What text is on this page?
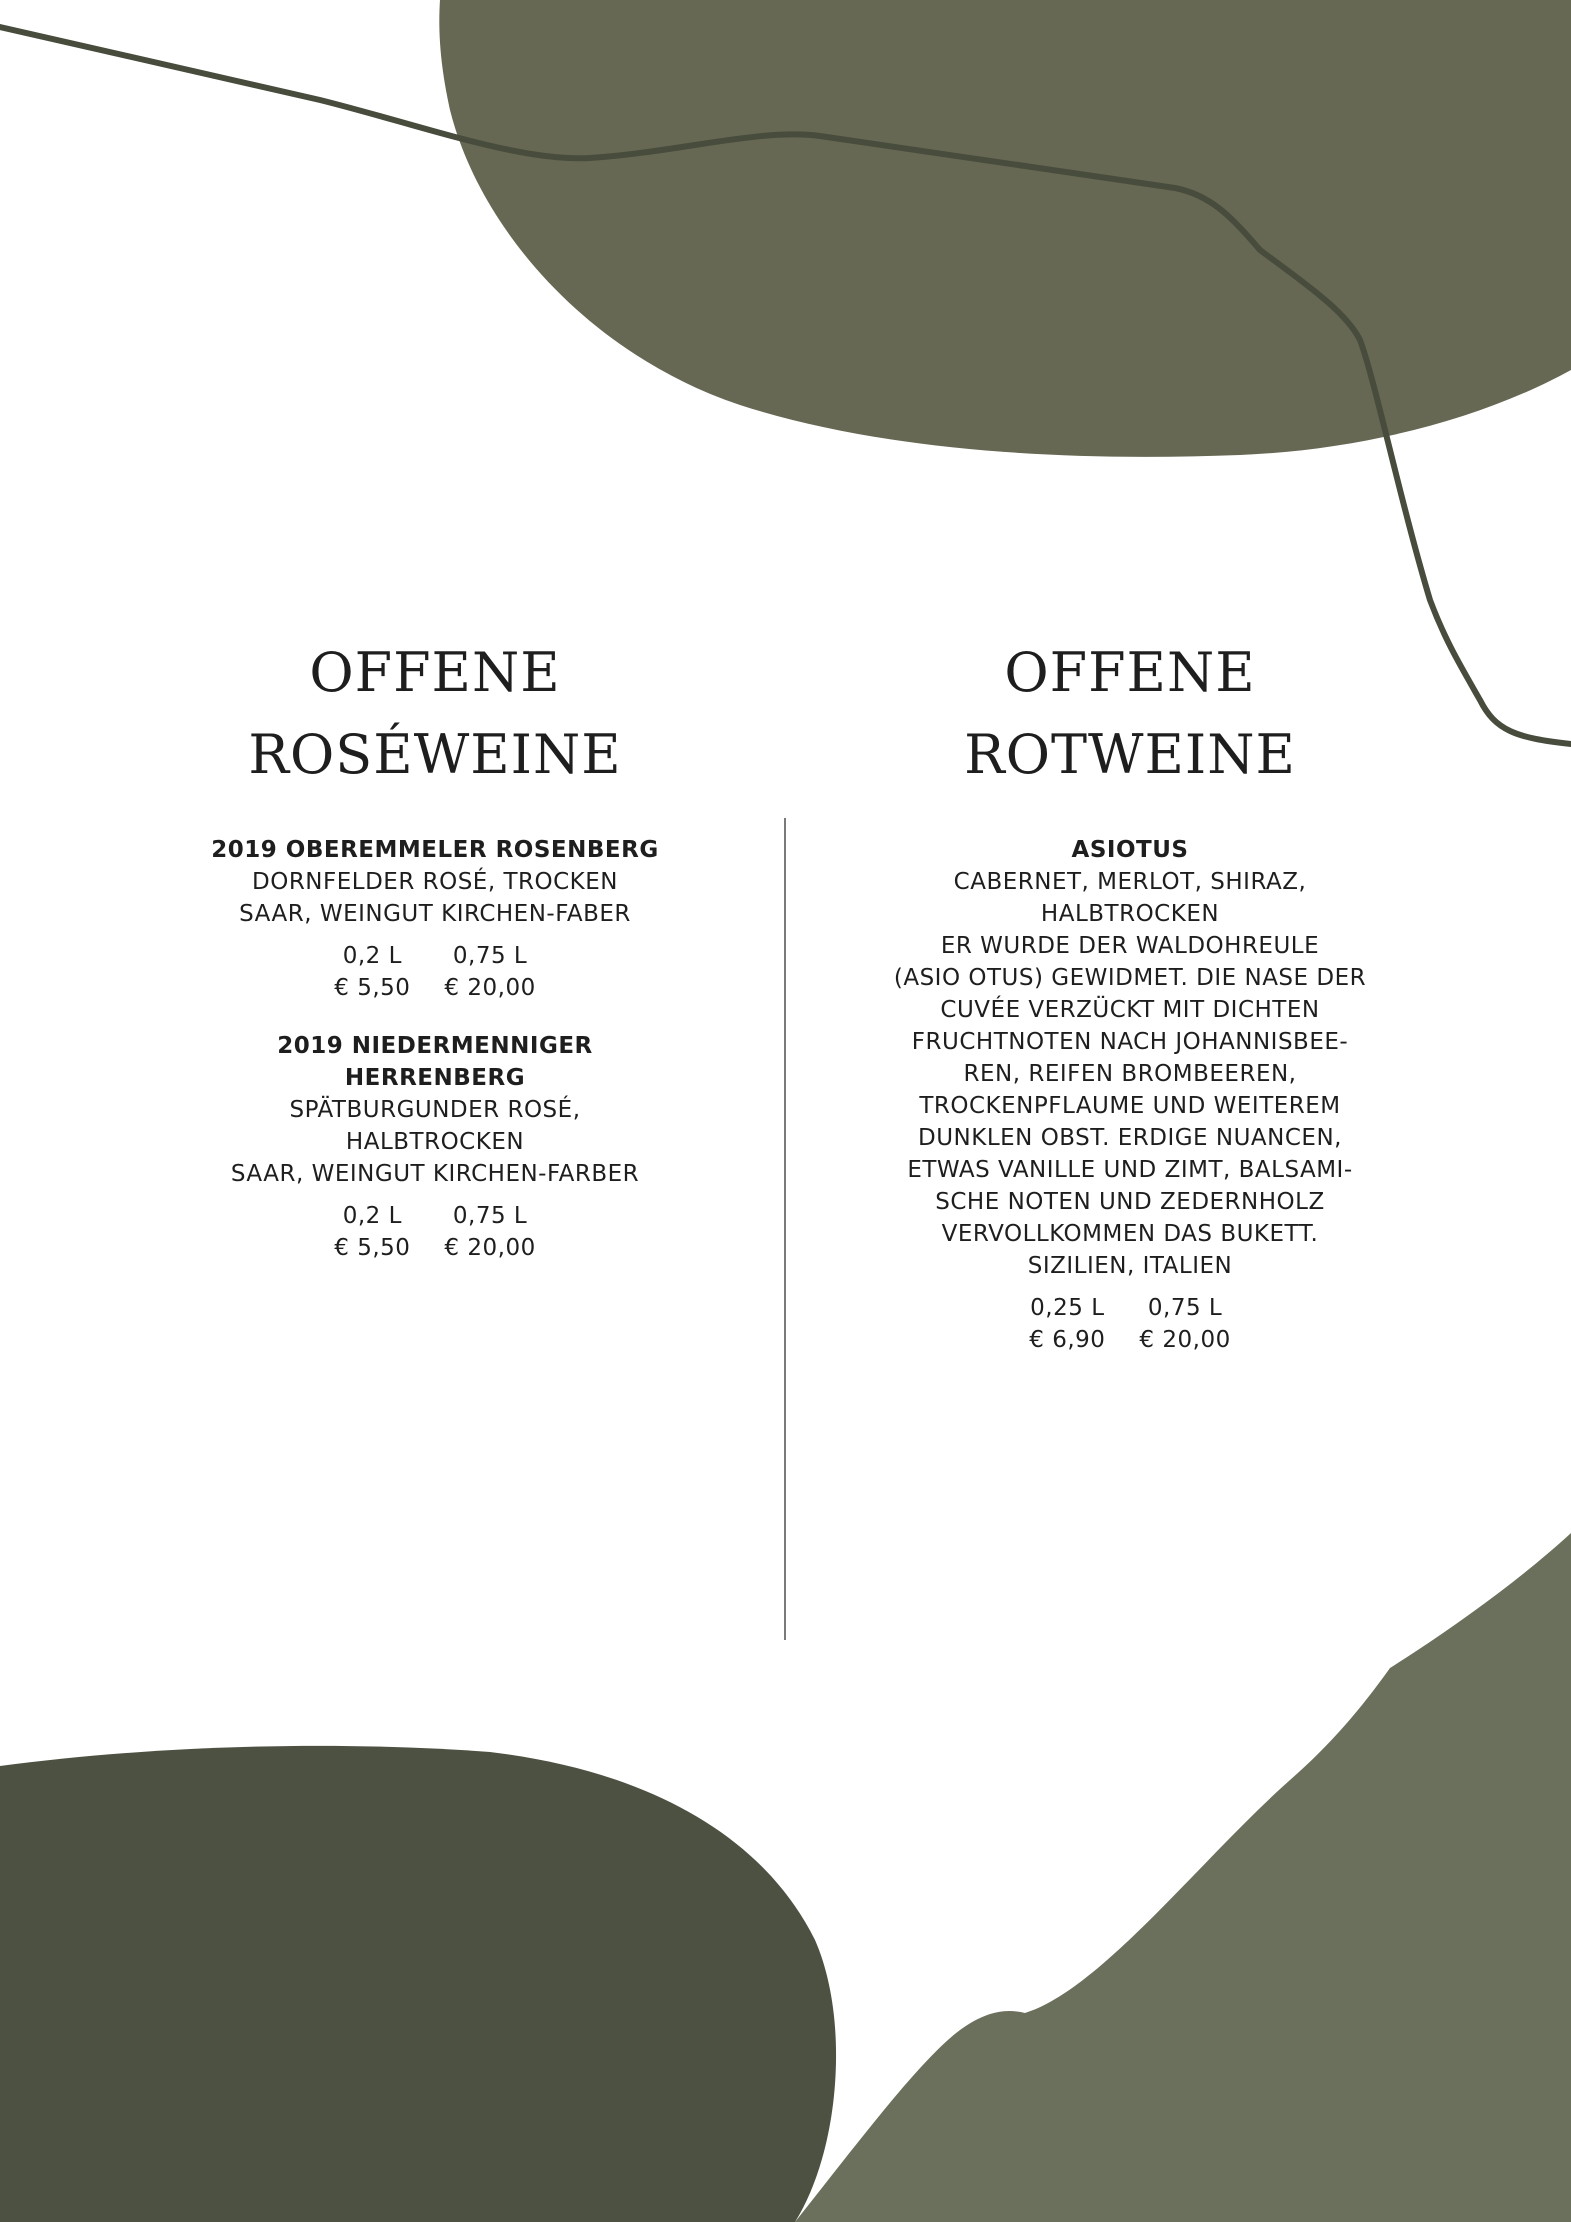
OFFENE
ROSÉWEINE
2019 OBEREMMELER ROSENBERG
DORNFELDER ROSÉ, TROCKEN
SAAR, WEINGUT KIRCHEN-FABER
0,2 L	0,75 L
€ 5,50 € 20,00
2019 NIEDERMENNIGER
HERRENBERG
SPÄTBURGUNDER ROSÉ,
HALBTROCKEN
SAAR, WEINGUT KIRCHEN-FARBER
0,2 L	0,75 L
€ 5,50 € 20,00
OFFENE
ROTWEINE
ASIOTUS
CABERNET, MERLOT, SHIRAZ,
HALBTROCKEN
ER WURDE DER WALDOHREULE
(ASIO OTUS) GEWIDMET. DIE NASE DER
CUVÉE VERZÜCKT MIT DICHTEN
FRUCHTNOTEN NACH JOHANNISBEE-
REN, REIFEN BROMBEEREN,
TROCKENPFLAUME UND WEITEREM
DUNKLEN OBST. ERDIGE NUANCEN,
ETWAS VANILLE UND ZIMT, BALSAMI-
SCHE NOTEN UND ZEDERNHOLZ
VERVOLLKOMMEN DAS BUKETT.
SIZILIEN, ITALIEN
0,25 L	0,75 L
€ 6,90 € 20,00
